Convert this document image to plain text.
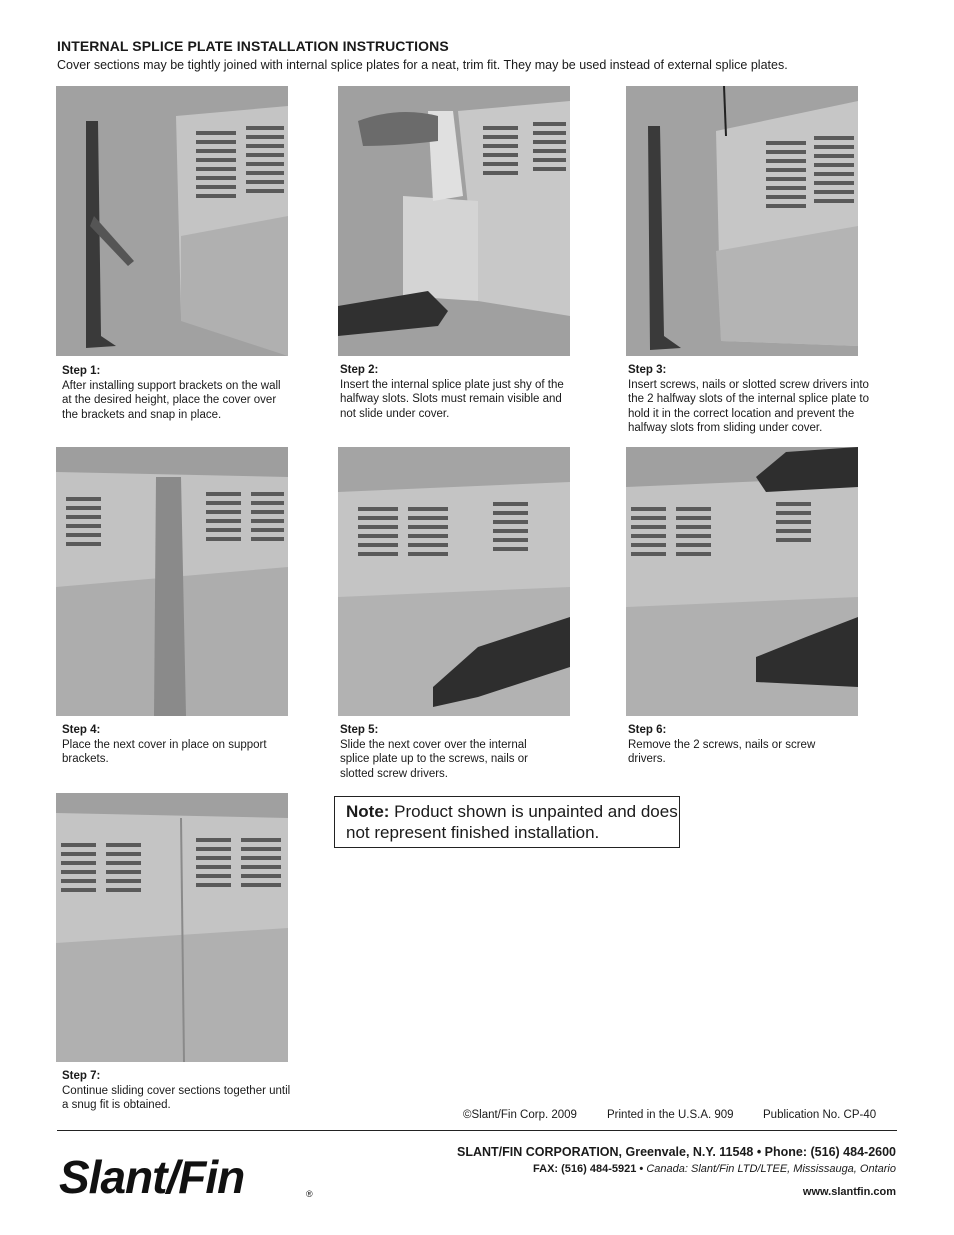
INTERNAL SPLICE PLATE INSTALLATION INSTRUCTIONS
Cover sections may be tightly joined with internal splice plates for a neat, trim fit. They may be used instead of external splice plates.
Step 1:
After installing support brackets on the wall at the desired height, place the cover over the brackets and snap in place.
Step 2:
Insert the internal splice plate just shy of the halfway slots. Slots must remain visible and not slide under cover.
Step 3:
Insert screws, nails or slotted screw drivers into the 2 halfway slots of the internal splice plate to hold it in the correct location and prevent the halfway slots from sliding under cover.
Step 4:
Place the next cover in place on support brackets.
Step 5:
Slide the next cover over the internal splice plate up to the screws, nails or slotted screw drivers.
Step 6:
Remove the 2 screws, nails or screw drivers.
Step 7:
Continue sliding cover sections together until a snug fit is obtained.
Note: Product shown is unpainted and does not represent finished installation.
©Slant/Fin Corp. 2009	Printed in the U.S.A. 909	Publication No. CP-40
Slant/Fin	®
SLANT/FIN CORPORATION, Greenvale, N.Y. 11548 • Phone: (516) 484-2600
FAX: (516) 484-5921 • Canada: Slant/Fin LTD/LTEE, Mississauga, Ontario
www.slantfin.com
